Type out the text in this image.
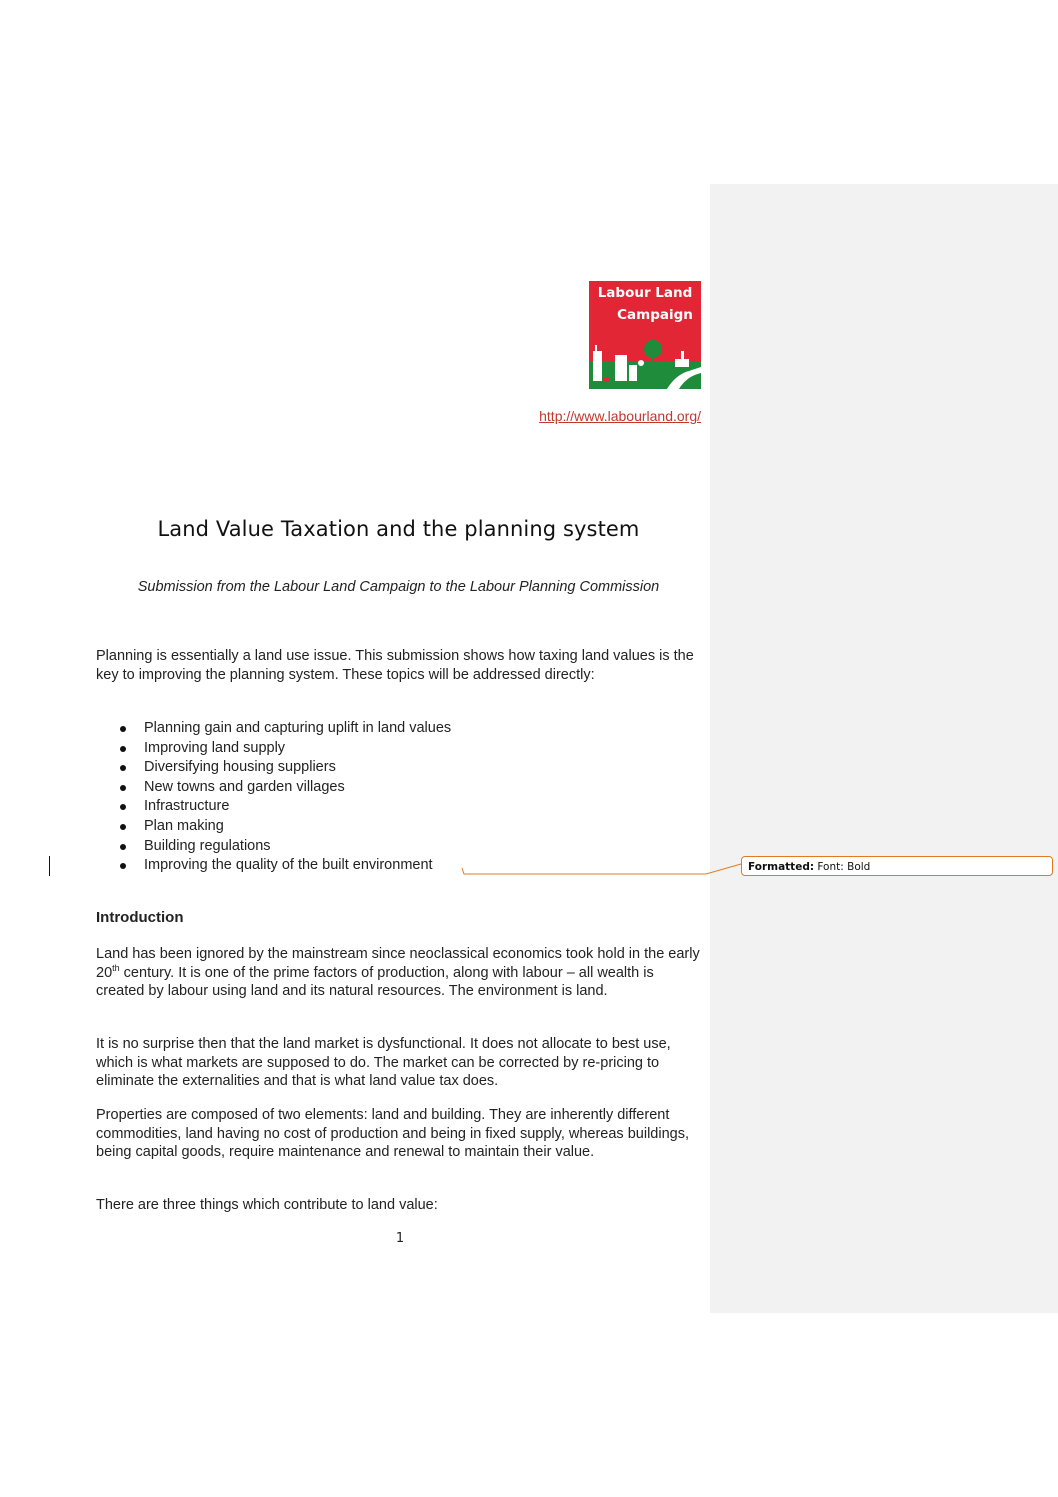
Labour Land
Campaign
http://www.labourland.org/
Land Value Taxation and the planning system
Submission from the Labour Land Campaign to the Labour Planning Commission

Planning is essentially a land use issue. This submission shows how taxing land values is the key to improving the planning system. These topics will be addressed directly:

Planning gain and capturing uplift in land values
Improving land supply
Diversifying housing suppliers
New towns and garden villages
Infrastructure
Plan making
Building regulations
Improving the quality of the built environment	Formatted: Font: Bold
Introduction

Land has been ignored by the mainstream since neoclassical economics took hold in the early 20th century. It is one of the prime factors of production, along with labour – all wealth is created by labour using land and its natural resources. The environment is land.

It is no surprise then that the land market is dysfunctional. It does not allocate to best use, which is what markets are supposed to do. The market can be corrected by re-pricing to eliminate the externalities and that is what land value tax does.

Properties are composed of two elements: land and building. They are inherently different commodities, land having no cost of production and being in fixed supply, whereas buildings, being capital goods, require maintenance and renewal to maintain their value.

There are three things which contribute to land value:

1
